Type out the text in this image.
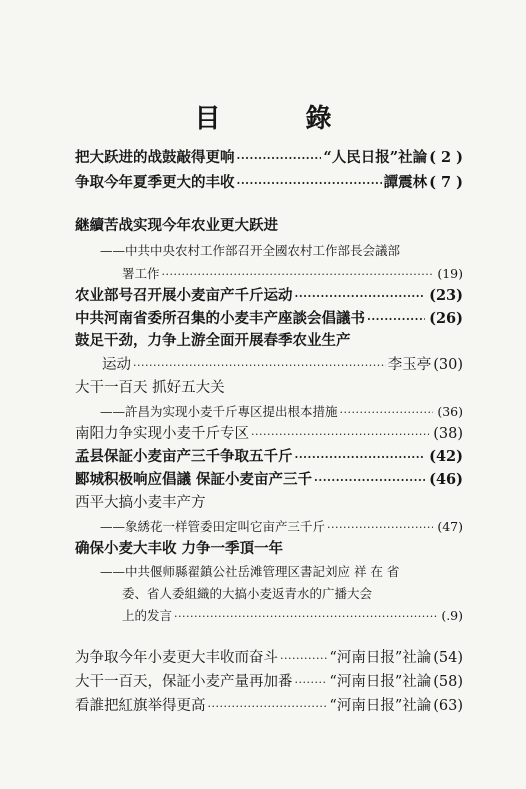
目 錄
把大跃进的战鼓敲得更响 ·····	“人民日报”社論 ( 2 )
争取今年夏季更大的丰收 ·····	譚震林 ( 7 )
継續苦战实现今年农业更大跃进
——中共中央农村工作部召开全國农村工作部長会議部
署工作 ·····	(19)
农业部号召开展小麦亩产千斤运动 ·····	(23)
中共河南省委所召集的小麦丰产座談会倡議书 ·····	(26)
鼓足干劲，力争上游全面开展春季农业生产
运动 ·····	李玉亭 (30)
大干一百天 抓好五大关
——許昌为实现小麦千斤專区提出根本措施 ·····	(36)
南阳力争实现小麦千斤专区 ·····	(38)
孟县保証小麦亩产三千争取五千斤 ·····	(42)
郾城积极响应倡議 保証小麦亩产三千 ·····	(46)
西平大搞小麦丰产方
——象綉花一样管委田定叫它亩产三千斤 ·····	(47)
确保小麦大丰收 力争一季頂一年
——中共偃师縣翟鎮公社岳滩管理区書記刘应 祥 在 省
委、省人委組織的大搞小麦返青水的广播大会
上的发言 ·····	(.9)
为争取今年小麦更大丰收而奋斗 ·····	“河南日报”社論 (54)
大干一百天，保証小麦产量再加番 ·····	“河南日报”社論 (58)
看誰把紅旗举得更高 ·····	“河南日报”社論 (63)
